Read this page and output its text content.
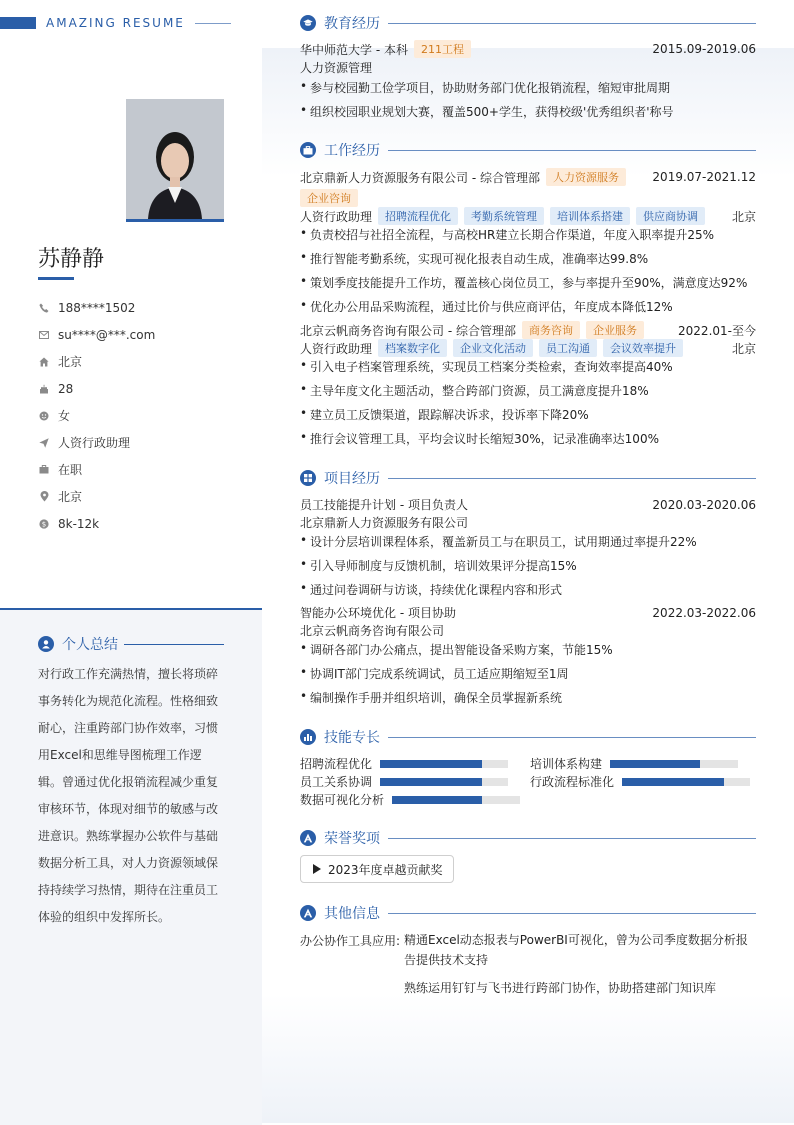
AMAZING RESUME
苏静静
188****1502
su****@***.com
北京
28
女
人资行政助理
在职
北京
$ 8k-12k
个人总结
对行政工作充满热情，擅长将琐碎事务转化为规范化流程。性格细致耐心，注重跨部门协作效率，习惯用Excel和思维导图梳理工作逻辑。曾通过优化报销流程减少重复审核环节，体现对细节的敏感与改进意识。熟练掌握办公软件与基础数据分析工具，对人力资源领域保持持续学习热情，期待在注重员工体验的组织中发挥所长。
教育经历
华中师范大学 - 本科	211工程	2015.09-2019.06
人力资源管理
• 参与校园勤工俭学项目，协助财务部门优化报销流程，缩短审批周期
• 组织校园职业规划大赛，覆盖500+学生，获得校级'优秀组织者'称号
工作经历
北京鼎新人力资源服务有限公司 - 综合管理部	人力资源服务	2019.07-2021.12
企业咨询
人资行政助理	招聘流程优化	考勤系统管理	培训体系搭建	供应商协调	北京
• 负责校招与社招全流程，与高校HR建立长期合作渠道，年度入职率提升25%
• 推行智能考勤系统，实现可视化报表自动生成，准确率达99.8%
• 策划季度技能提升工作坊，覆盖核心岗位员工，参与率提升至90%，满意度达92%
• 优化办公用品采购流程，通过比价与供应商评估，年度成本降低12%
北京云帆商务咨询有限公司 - 综合管理部	商务咨询	企业服务	2022.01-至今
人资行政助理	档案数字化	企业文化活动	员工沟通	会议效率提升	北京
• 引入电子档案管理系统，实现员工档案分类检索，查询效率提高40%
• 主导年度文化主题活动，整合跨部门资源，员工满意度提升18%
• 建立员工反馈渠道，跟踪解决诉求，投诉率下降20%
• 推行会议管理工具，平均会议时长缩短30%，记录准确率达100%
项目经历
员工技能提升计划 - 项目负责人	2020.03-2020.06
北京鼎新人力资源服务有限公司
• 设计分层培训课程体系，覆盖新员工与在职员工，试用期通过率提升22%
• 引入导师制度与反馈机制，培训效果评分提高15%
• 通过问卷调研与访谈，持续优化课程内容和形式
智能办公环境优化 - 项目协助	2022.03-2022.06
北京云帆商务咨询有限公司
• 调研各部门办公痛点，提出智能设备采购方案，节能15%
• 协调IT部门完成系统调试，员工适应期缩短至1周
• 编制操作手册并组织培训，确保全员掌握新系统
技能专长
招聘流程优化	培训体系构建
员工关系协调	行政流程标准化
数据可视化分析
荣誉奖项
2023年度卓越贡献奖
其他信息
办公协作工具应用: 精通Excel动态报表与PowerBI可视化，曾为公司季度数据分析报告提供技术支持
熟练运用钉钉与飞书进行跨部门协作，协助搭建部门知识库
